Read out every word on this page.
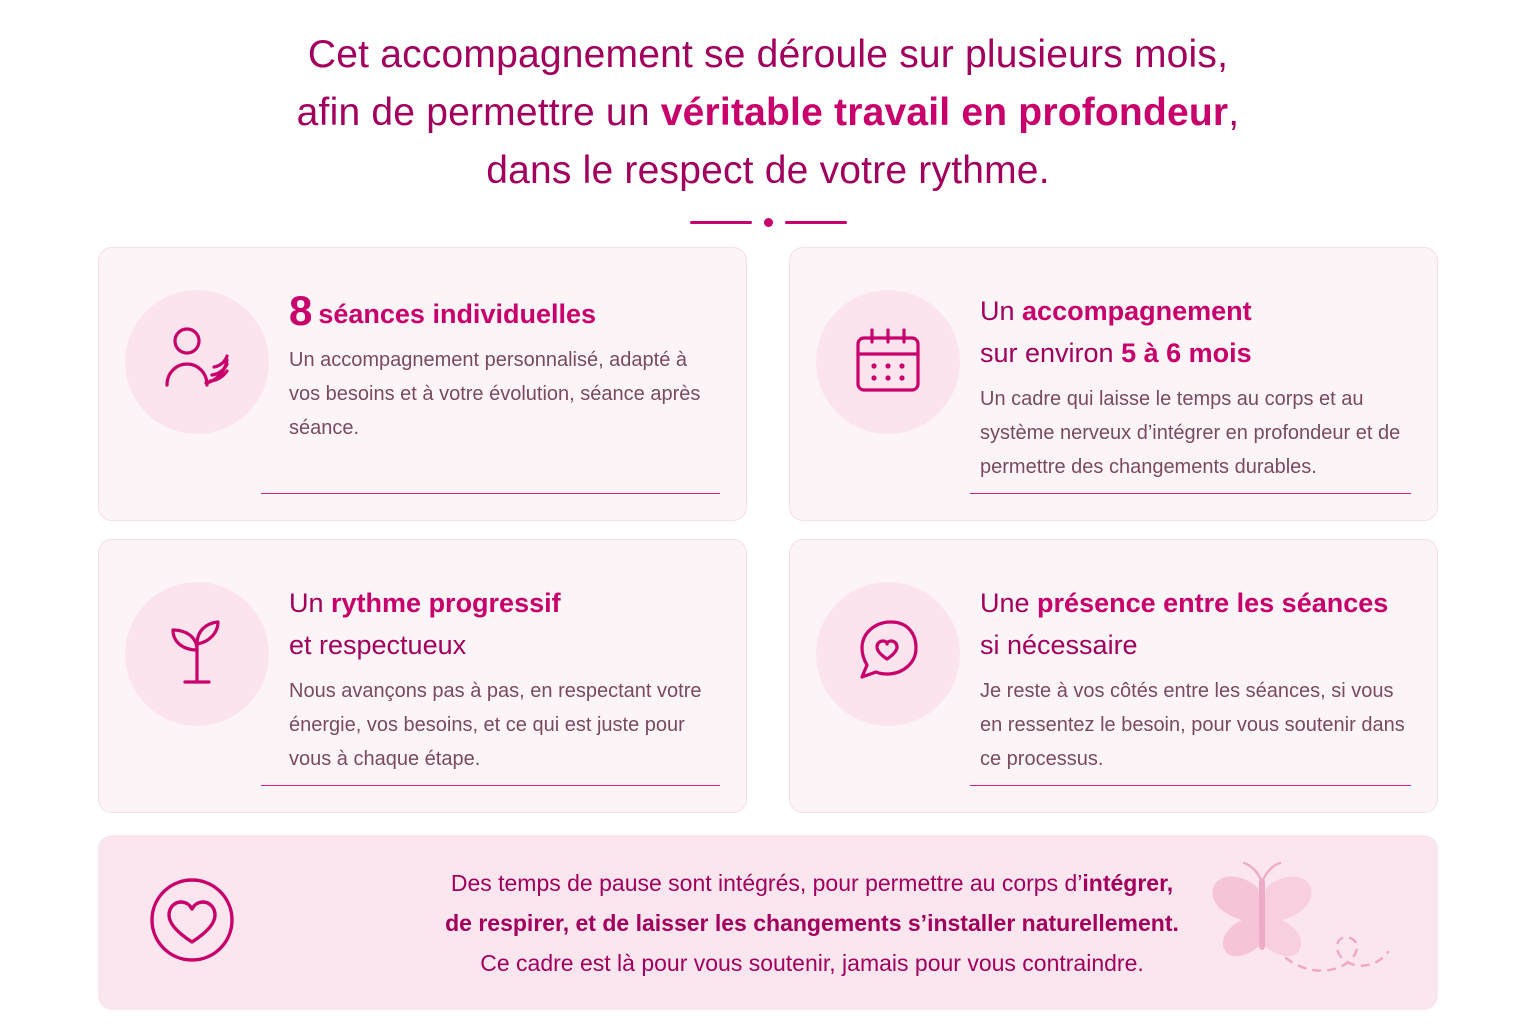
Cet accompagnement se déroule sur plusieurs mois,
afin de permettre un véritable travail en profondeur,
dans le respect de votre rythme.
8 séances individuelles
Un accompagnement personnalisé, adapté à vos besoins et à votre évolution, séance après séance.
Un accompagnement
sur environ 5 à 6 mois
Un cadre qui laisse le temps au corps et au système nerveux d’intégrer en profondeur et de permettre des changements durables.
Un rythme progressif
et respectueux
Nous avançons pas à pas, en respectant votre énergie, vos besoins, et ce qui est juste pour vous à chaque étape.
Une présence entre les séances
si nécessaire
Je reste à vos côtés entre les séances, si vous en ressentez le besoin, pour vous soutenir dans ce processus.
Des temps de pause sont intégrés, pour permettre au corps d’intégrer,
de respirer, et de laisser les changements s’installer naturellement.
Ce cadre est là pour vous soutenir, jamais pour vous contraindre.
